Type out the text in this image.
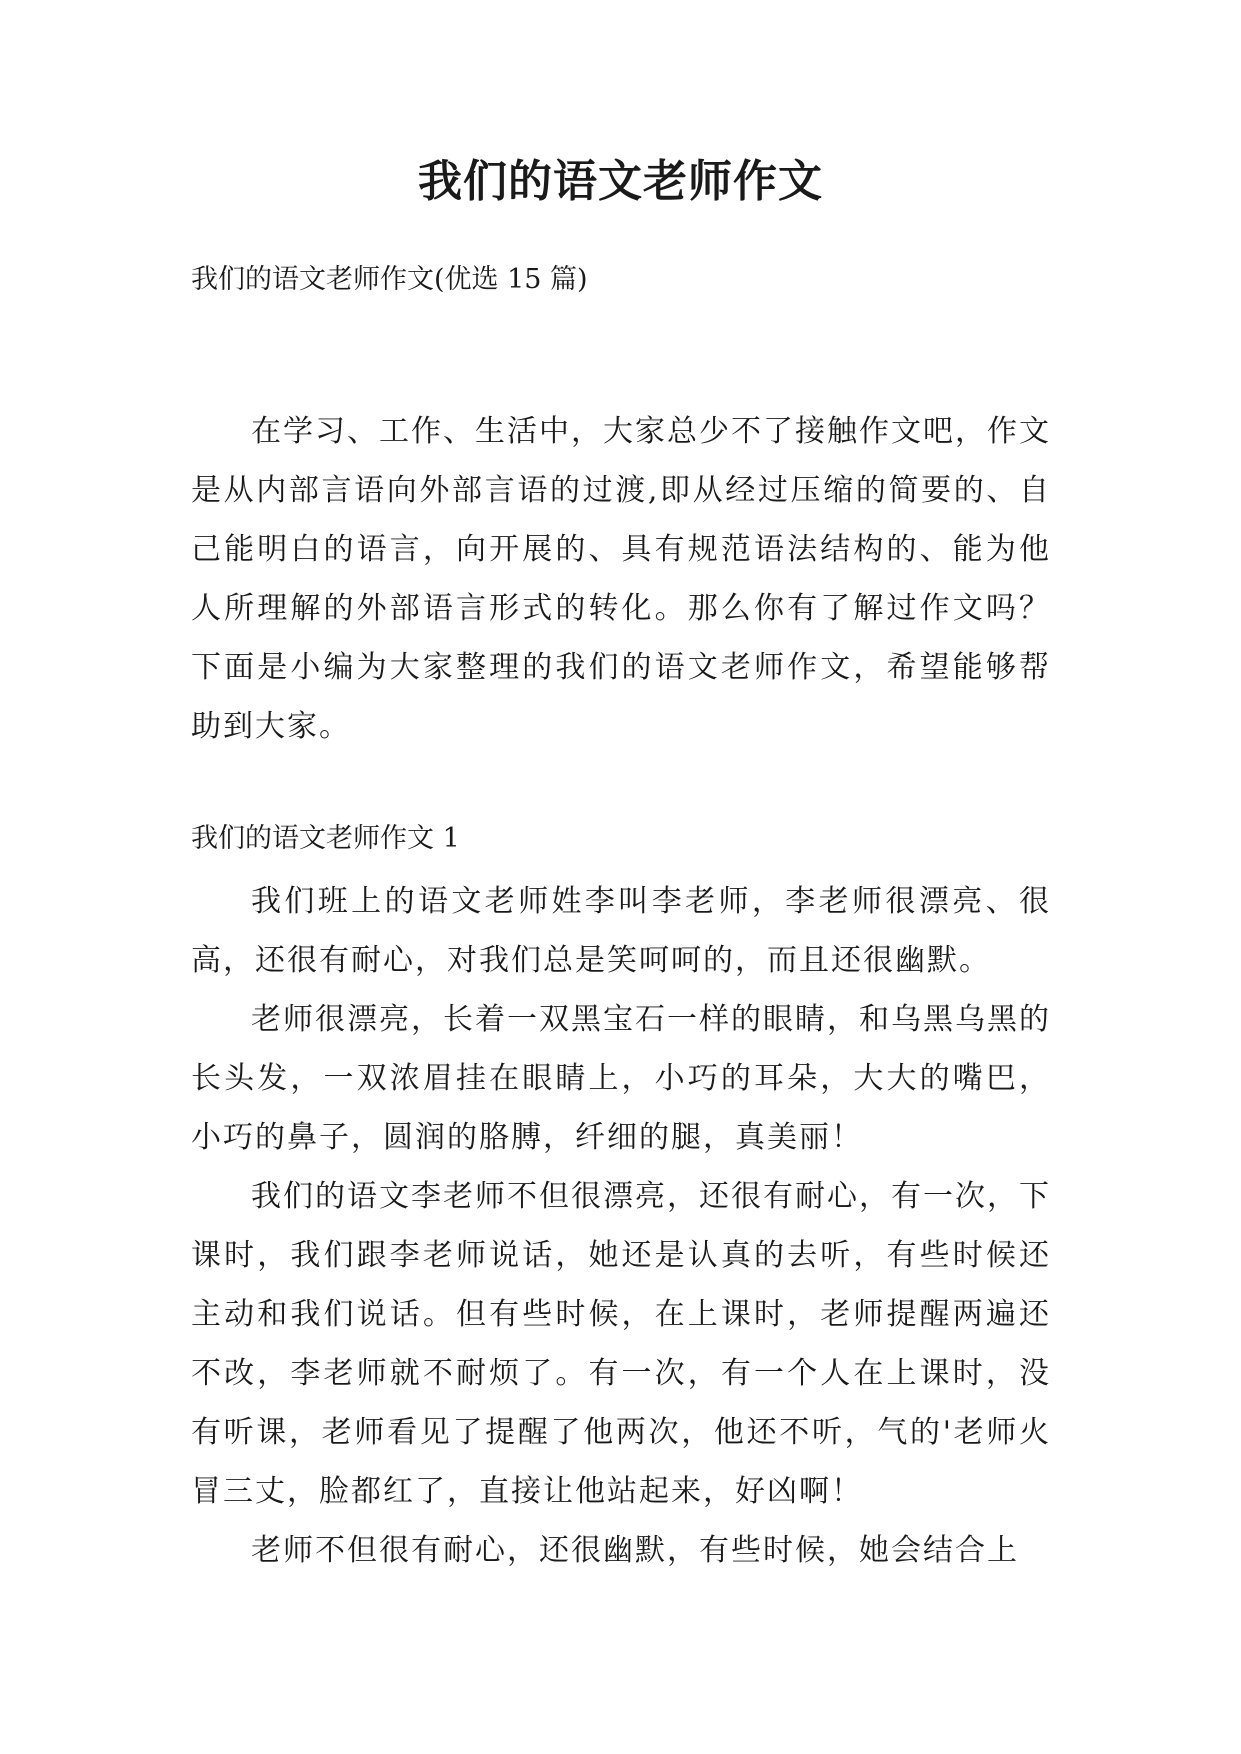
我们的语文老师作文
我们的语文老师作文(优选 15 篇)

在学习、工作、生活中，大家总少不了接触作文吧，作文是从内部言语向外部言语的过渡,即从经过压缩的简要的、自己能明白的语言，向开展的、具有规范语法结构的、能为他人所理解的外部语言形式的转化。那么你有了解过作文吗？下面是小编为大家整理的我们的语文老师作文，希望能够帮助到大家。

我们的语文老师作文 1

我们班上的语文老师姓李叫李老师，李老师很漂亮、很高，还很有耐心，对我们总是笑呵呵的，而且还很幽默。

老师很漂亮，长着一双黑宝石一样的眼睛，和乌黑乌黑的长头发，一双浓眉挂在眼睛上，小巧的耳朵，大大的嘴巴，小巧的鼻子，圆润的胳膊，纤细的腿，真美丽！

我们的语文李老师不但很漂亮，还很有耐心，有一次，下课时，我们跟李老师说话，她还是认真的去听，有些时候还主动和我们说话。但有些时候，在上课时，老师提醒两遍还不改，李老师就不耐烦了。有一次，有一个人在上课时，没有听课，老师看见了提醒了他两次，他还不听，气的'老师火冒三丈，脸都红了，直接让他站起来，好凶啊！

老师不但很有耐心，还很幽默，有些时候，她会结合上
